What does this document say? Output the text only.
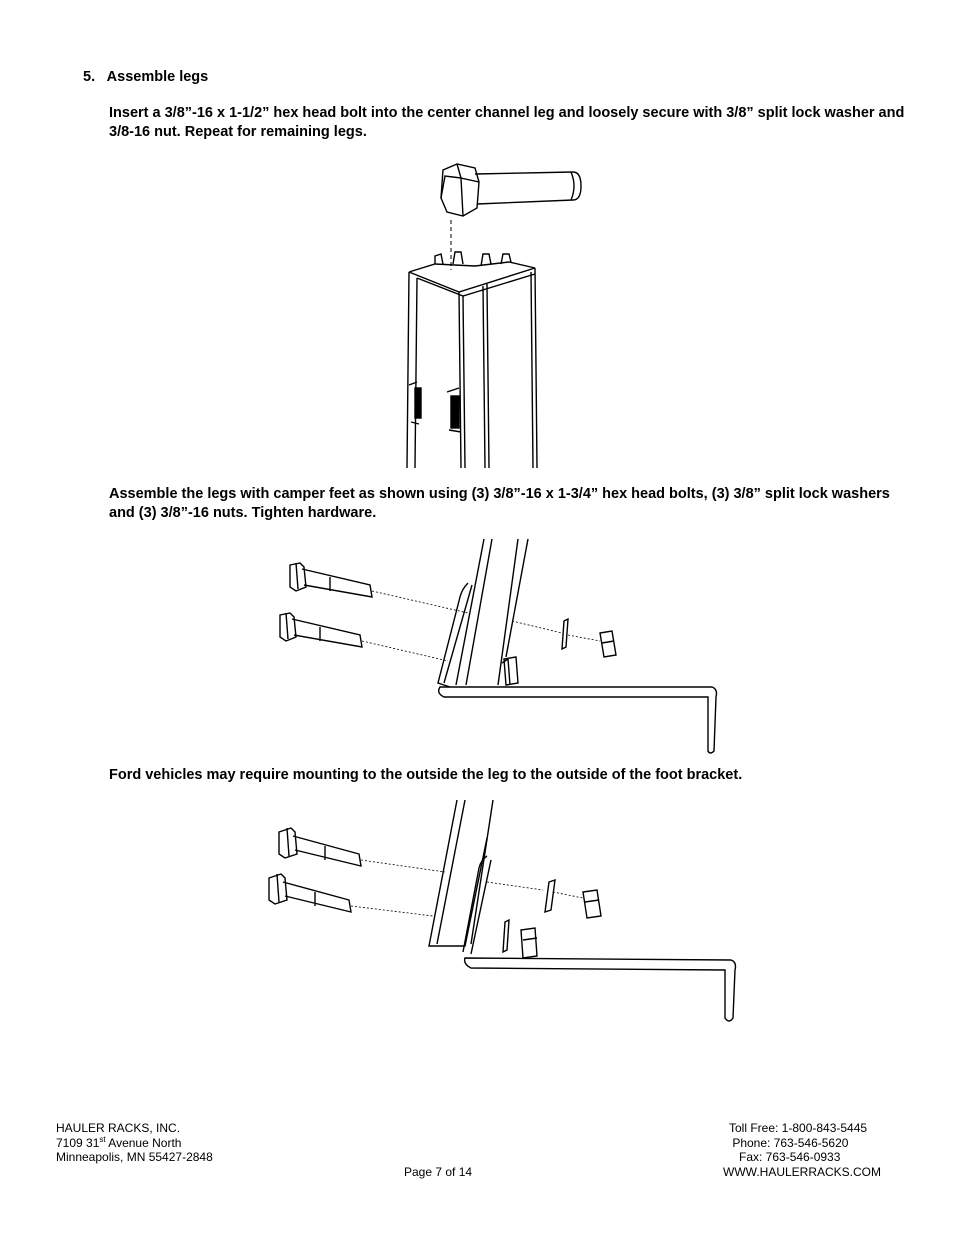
5. Assemble legs
Insert a 3/8”-16 x 1-1/2” hex head bolt into the center channel leg and loosely secure with 3/8” split lock washer and 3/8-16 nut. Repeat for remaining legs.
Assemble the legs with camper feet as shown using (3) 3/8”-16 x 1-3/4” hex head bolts, (3) 3/8” split lock washers and (3) 3/8”-16 nuts. Tighten hardware.
Ford vehicles may require mounting to the outside the leg to the outside of the foot bracket.
HAULER RACKS, INC.
7109 31st Avenue North
Minneapolis, MN 55427-2848
Toll Free: 1-800-843-5445
Phone: 763-546-5620
Fax: 763-546-0933
WWW.HAULERRACKS.COM
Page 7 of 14
